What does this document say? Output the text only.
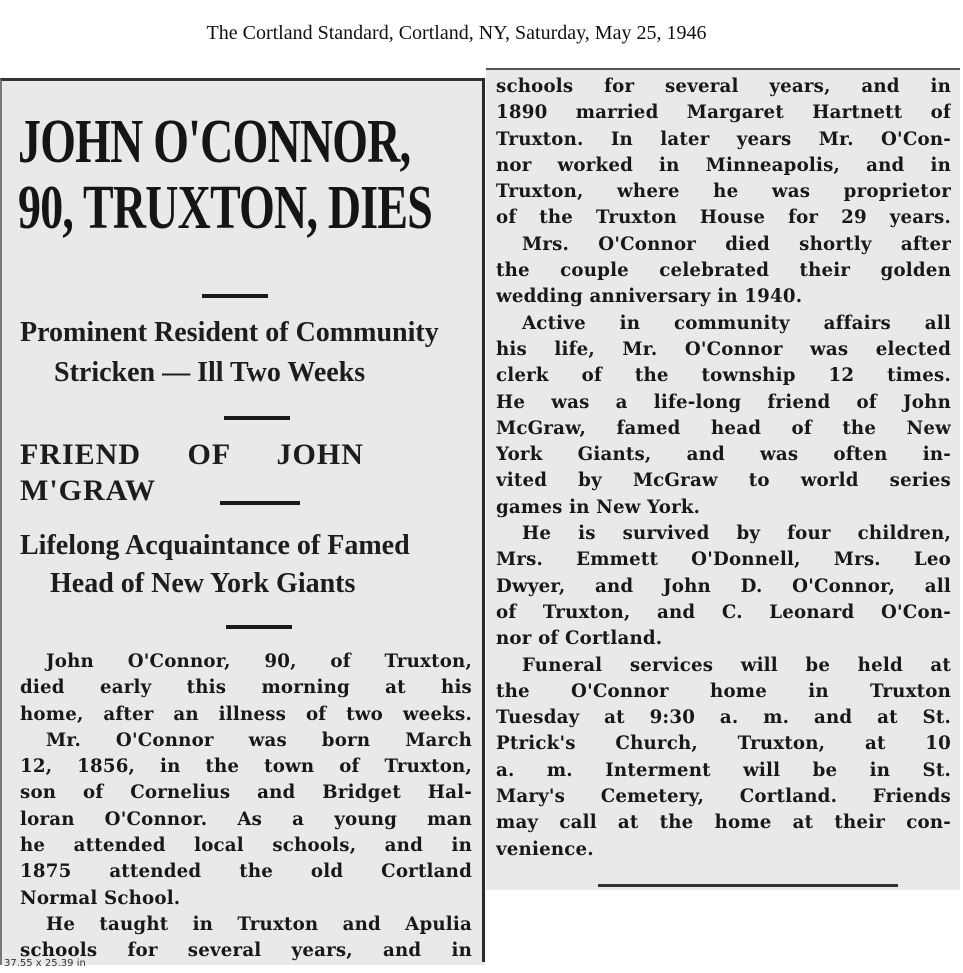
The Cortland Standard, Cortland, NY, Saturday, May 25, 1946
JOHN O'CONNOR,
90, TRUXTON, DIES
Prominent Resident of Community
Stricken — Ill Two Weeks
FRIEND OF JOHN M'GRAW
Lifelong Acquaintance of Famed
Head of New York Giants
John O'Connor, 90, of Truxton,
died early this morning at his
home, after an illness of two weeks.
Mr. O'Connor was born March
12, 1856, in the town of Truxton,
son of Cornelius and Bridget Hal-
loran O'Connor. As a young man
he attended local schools, and in
1875 attended the old Cortland
Normal School.
He taught in Truxton and Apulia
schools for several years, and in
schools for several years, and in
1890 married Margaret Hartnett of
Truxton. In later years Mr. O'Con-
nor worked in Minneapolis, and in
Truxton, where he was proprietor
of the Truxton House for 29 years.
Mrs. O'Connor died shortly after
the couple celebrated their golden
wedding anniversary in 1940.
Active in community affairs all
his life, Mr. O'Connor was elected
clerk of the township 12 times.
He was a life-long friend of John
McGraw, famed head of the New
York Giants, and was often in-
vited by McGraw to world series
games in New York.
He is survived by four children,
Mrs. Emmett O'Donnell, Mrs. Leo
Dwyer, and John D. O'Connor, all
of Truxton, and C. Leonard O'Con-
nor of Cortland.
Funeral services will be held at
the O'Connor home in Truxton
Tuesday at 9:30 a. m. and at St.
Ptrick's Church, Truxton, at 10
a. m. Interment will be in St.
Mary's Cemetery, Cortland. Friends
may call at the home at their con-
venience.
37.55 x 25.39 in
